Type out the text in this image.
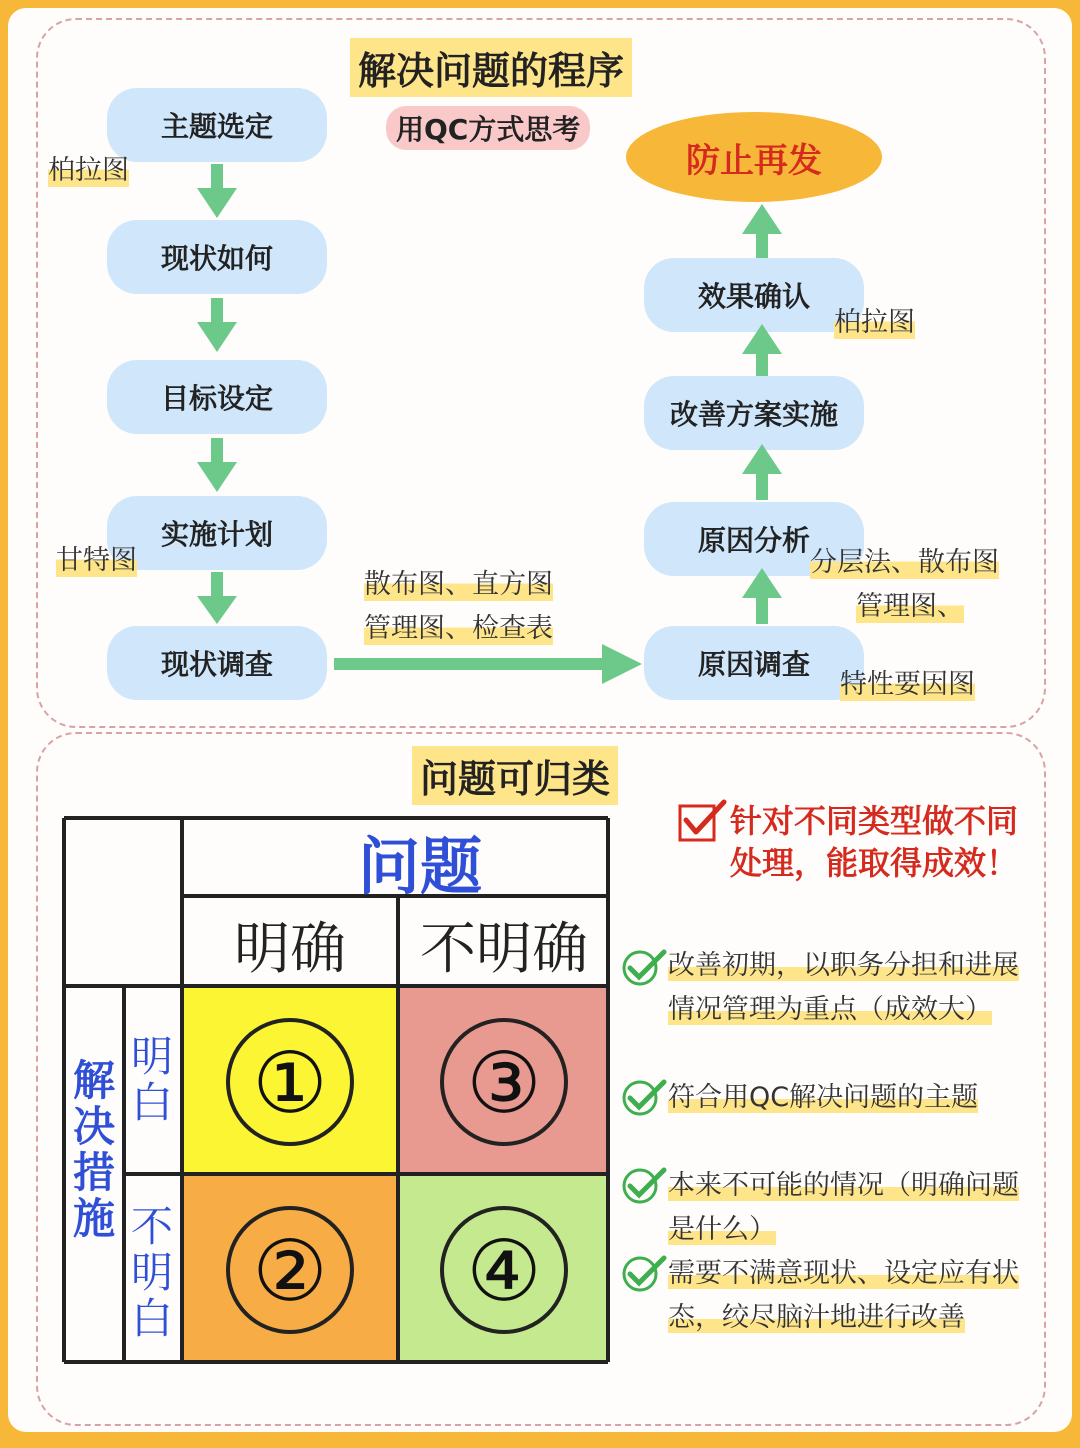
解决问题的程序
用QC方式思考
防止再发
主题选定
现状如何
目标设定
实施计划
现状调查	原因调查
原因分析
改善方案实施
效果确认
柏拉图
甘特图
散布图、直方图
管理图、检查表
分层法、散布图
管理图、
特性要因图
柏拉图
问题可归类
问题
明确 不明确
① ③
② ④
解决措施
明白
不明白
针对不同类型做不同处理，能取得成效！
改善初期，以职务分担和进展情况管理为重点（成效大）
符合用QC解决问题的主题
本来不可能的情况（明确问题是什么）
需要不满意现状、设定应有状态，绞尽脑汁地进行改善
